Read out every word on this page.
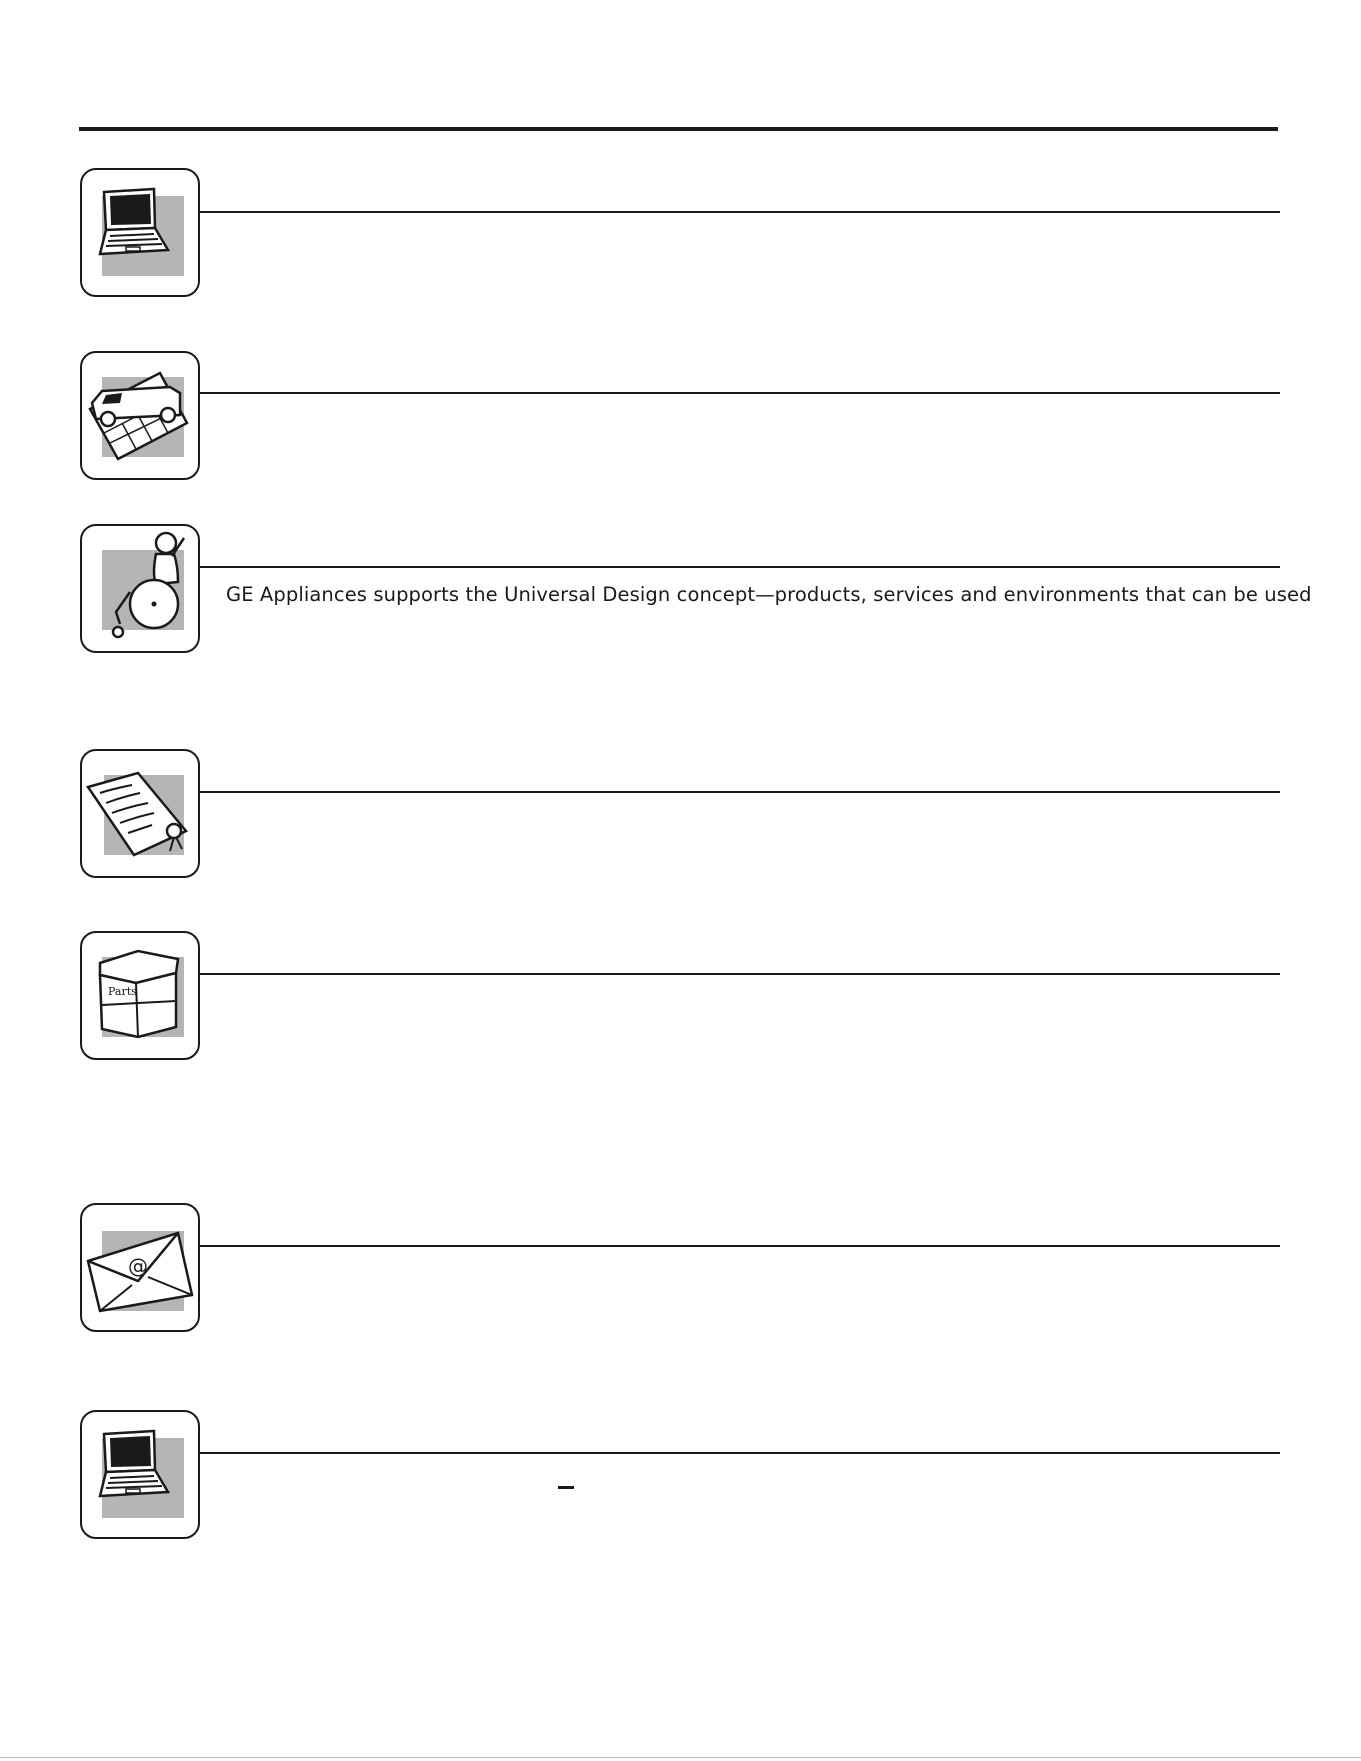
GE Appliances supports the Universal Design concept—products, services and environments that can be used
Parts
@
